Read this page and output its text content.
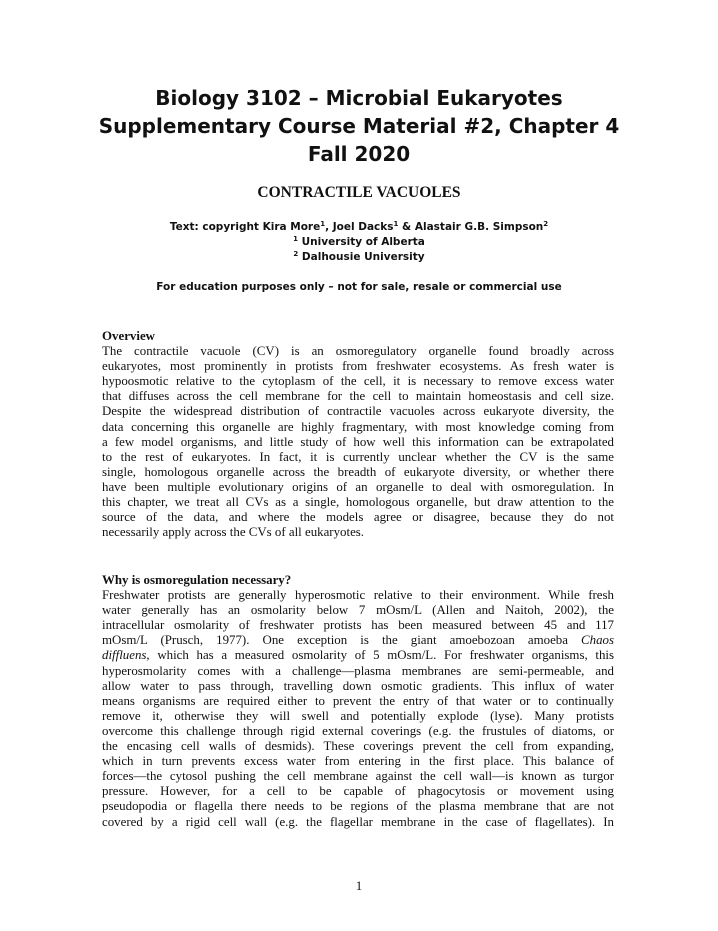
Biology 3102 – Microbial Eukaryotes
Supplementary Course Material #2, Chapter 4
Fall 2020
CONTRACTILE VACUOLES
Text: copyright Kira More$^1$, Joel Dacks$^1$ & Alastair G.B. Simpson$^2$
$^1$ University of Alberta
$^2$ Dalhousie University
For education purposes only – not for sale, resale or commercial use
Overview

The contractile vacuole (CV) is an osmoregulatory organelle found broadly across
eukaryotes, most prominently in protists from freshwater ecosystems. As fresh water is
hypoosmotic relative to the cytoplasm of the cell, it is necessary to remove excess water
that diffuses across the cell membrane for the cell to maintain homeostasis and cell size.
Despite the widespread distribution of contractile vacuoles across eukaryote diversity, the
data concerning this organelle are highly fragmentary, with most knowledge coming from
a few model organisms, and little study of how well this information can be extrapolated
to the rest of eukaryotes. In fact, it is currently unclear whether the CV is the same
single, homologous organelle across the breadth of eukaryote diversity, or whether there
have been multiple evolutionary origins of an organelle to deal with osmoregulation. In
this chapter, we treat all CVs as a single, homologous organelle, but draw attention to the
source of the data, and where the models agree or disagree, because they do not
necessarily apply across the CVs of all eukaryotes.

Why is osmoregulation necessary?

Freshwater protists are generally hyperosmotic relative to their environment. While fresh
water generally has an osmolarity below 7 mOsm/L (Allen and Naitoh, 2002), the
intracellular osmolarity of freshwater protists has been measured between 45 and 117
mOsm/L (Prusch, 1977). One exception is the giant amoebozoan amoeba Chaos
diffluens, which has a measured osmolarity of 5 mOsm/L. For freshwater organisms, this
hyperosmolarity comes with a challenge—plasma membranes are semi-permeable, and
allow water to pass through, travelling down osmotic gradients. This influx of water
means organisms are required either to prevent the entry of that water or to continually
remove it, otherwise they will swell and potentially explode (lyse). Many protists
overcome this challenge through rigid external coverings (e.g. the frustules of diatoms, or
the encasing cell walls of desmids). These coverings prevent the cell from expanding,
which in turn prevents excess water from entering in the first place. This balance of
forces—the cytosol pushing the cell membrane against the cell wall—is known as turgor
pressure. However, for a cell to be capable of phagocytosis or movement using
pseudopodia or flagella there needs to be regions of the plasma membrane that are not
covered by a rigid cell wall (e.g. the flagellar membrane in the case of flagellates). In

1
